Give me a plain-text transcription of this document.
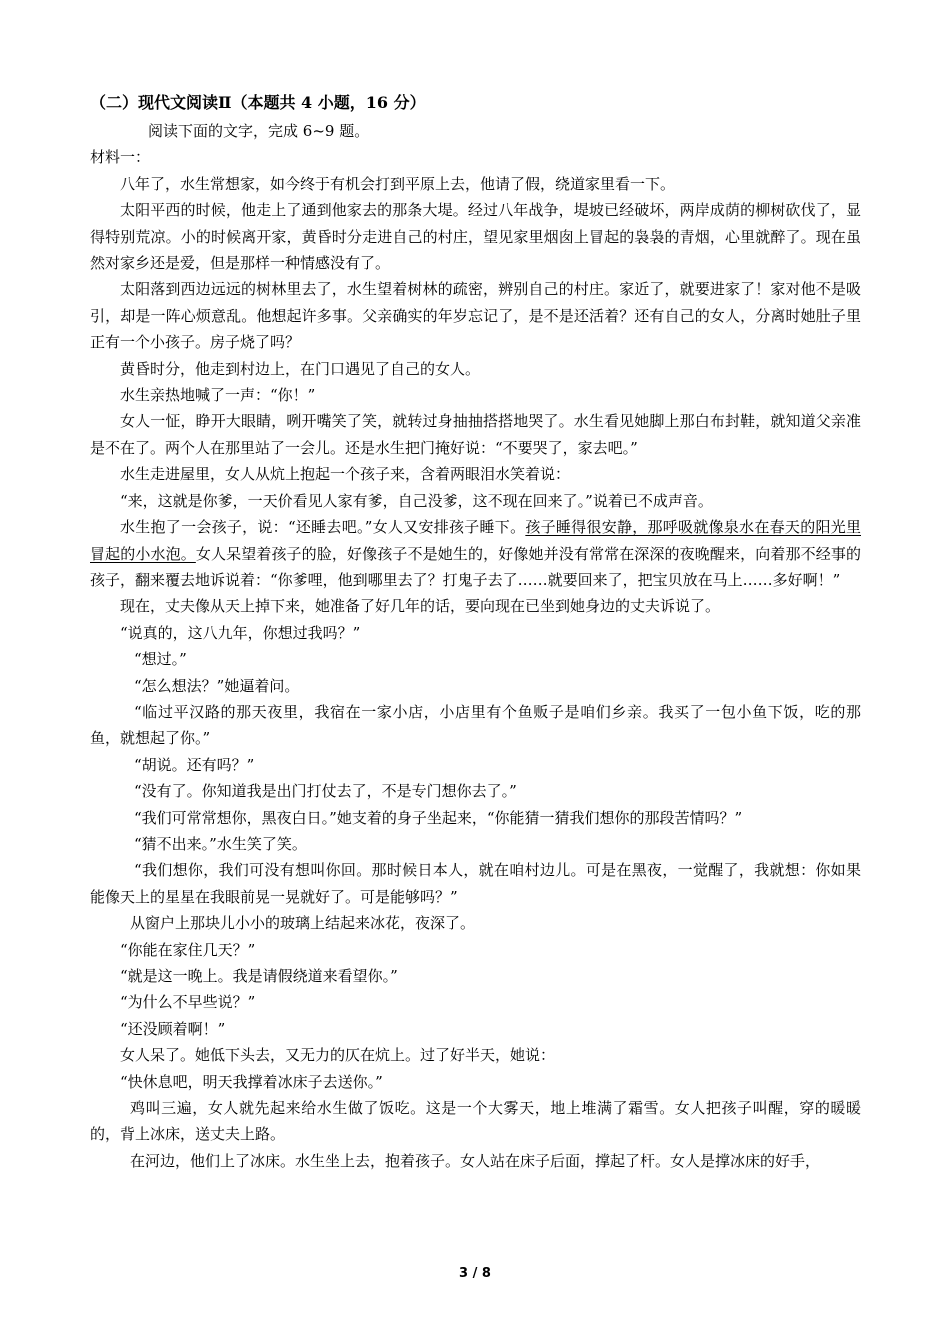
（二）现代文阅读Ⅱ（本题共 4 小题，16 分）

阅读下面的文字，完成 6~9 题。

材料一：

八年了，水生常想家，如今终于有机会打到平原上去，他请了假，绕道家里看一下。

太阳平西的时候，他走上了通到他家去的那条大堤。经过八年战争，堤坡已经破坏，两岸成荫的柳树砍伐了，显得特别荒凉。小的时候离开家，黄昏时分走进自己的村庄，望见家里烟囱上冒起的袅袅的青烟，心里就醉了。现在虽然对家乡还是爱，但是那样一种情感没有了。

太阳落到西边远远的树林里去了，水生望着树林的疏密，辨别自己的村庄。家近了，就要进家了！家对他不是吸引，却是一阵心烦意乱。他想起许多事。父亲确实的年岁忘记了，是不是还活着？还有自己的女人，分离时她肚子里正有一个小孩子。房子烧了吗？

黄昏时分，他走到村边上，在门口遇见了自己的女人。

水生亲热地喊了一声：“你！”

女人一怔，睁开大眼睛，咧开嘴笑了笑，就转过身抽抽搭搭地哭了。水生看见她脚上那白布封鞋，就知道父亲准是不在了。两个人在那里站了一会儿。还是水生把门掩好说：“不要哭了，家去吧。”

水生走进屋里，女人从炕上抱起一个孩子来，含着两眼泪水笑着说：

“来，这就是你爹，一天价看见人家有爹，自己没爹，这不现在回来了。”说着已不成声音。

水生抱了一会孩子，说：“还睡去吧。”女人又安排孩子睡下。孩子睡得很安静，那呼吸就像泉水在春天的阳光里冒起的小水泡。女人呆望着孩子的脸，好像孩子不是她生的，好像她并没有常常在深深的夜晚醒来，向着那不经事的孩子，翻来覆去地诉说着：“你爹哩，他到哪里去了？打鬼子去了……就要回来了，把宝贝放在马上……多好啊！”

现在，丈夫像从天上掉下来，她准备了好几年的话，要向现在已坐到她身边的丈夫诉说了。

“说真的，这八九年，你想过我吗？”

“想过。”

“怎么想法？”她逼着问。

“临过平汉路的那天夜里，我宿在一家小店，小店里有个鱼贩子是咱们乡亲。我买了一包小鱼下饭，吃的那鱼，就想起了你。”

“胡说。还有吗？”

“没有了。你知道我是出门打仗去了，不是专门想你去了。”

“我们可常常想你，黑夜白日。”她支着的身子坐起来，“你能猜一猜我们想你的那段苦情吗？”

“猜不出来。”水生笑了笑。

“我们想你，我们可没有想叫你回。那时候日本人，就在咱村边儿。可是在黑夜，一觉醒了，我就想：你如果能像天上的星星在我眼前晃一晃就好了。可是能够吗？”

从窗户上那块儿小小的玻璃上结起来冰花，夜深了。

“你能在家住几天？”

“就是这一晚上。我是请假绕道来看望你。”

“为什么不早些说？”

“还没顾着啊！”

女人呆了。她低下头去，又无力的仄在炕上。过了好半天，她说：

“快休息吧，明天我撑着冰床子去送你。”

鸡叫三遍，女人就先起来给水生做了饭吃。这是一个大雾天，地上堆满了霜雪。女人把孩子叫醒，穿的暖暖的，背上冰床，送丈夫上路。

在河边，他们上了冰床。水生坐上去，抱着孩子。女人站在床子后面，撑起了杆。女人是撑冰床的好手，

3 / 8
